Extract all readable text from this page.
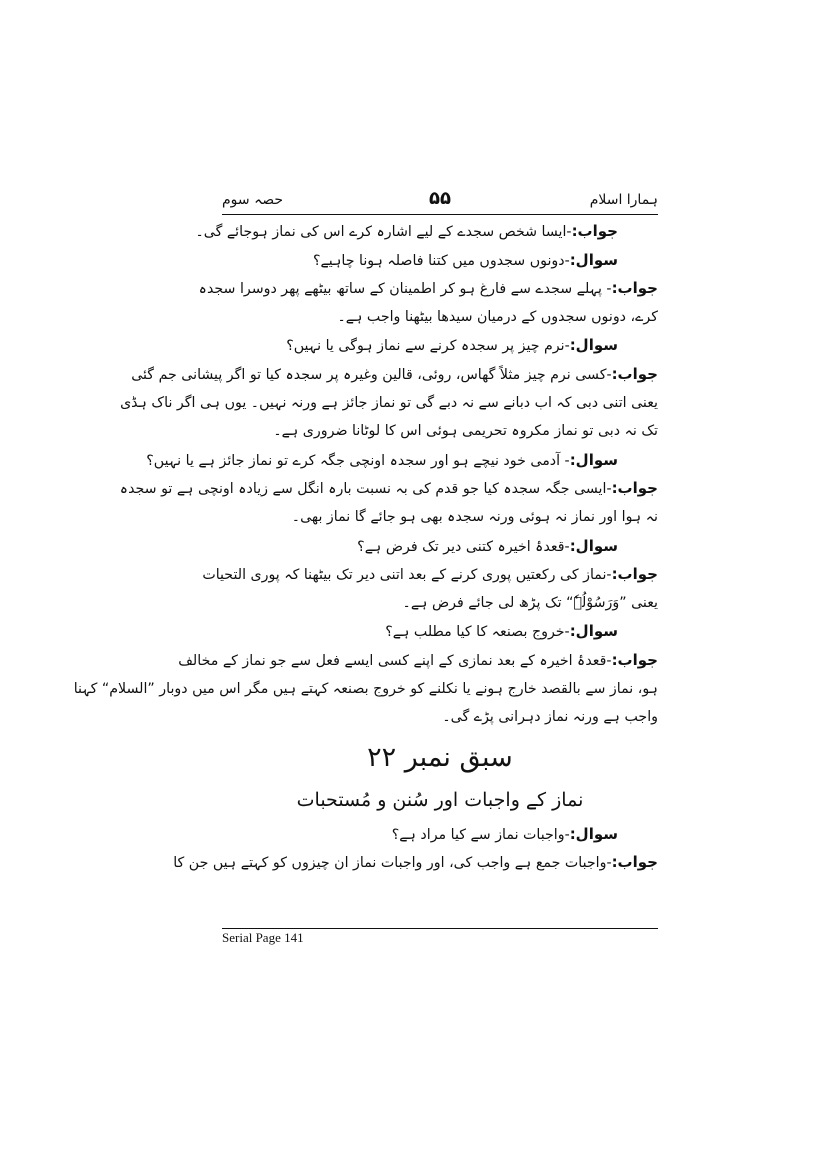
ہمارا اسلام
۵۵
حصہ سوم
جواب:-ایسا شخص سجدے کے لیے اشارہ کرے اس کی نماز ہوجائے گی۔
سوال:-دونوں سجدوں میں کتنا فاصلہ ہونا چاہیے؟
جواب:- پہلے سجدے سے فارغ ہو کر اطمینان کے ساتھ بیٹھے پھر دوسرا سجدہ
کرے، دونوں سجدوں کے درمیان سیدھا بیٹھنا واجب ہے۔
سوال:-نرم چیز پر سجدہ کرنے سے نماز ہوگی یا نہیں؟
جواب:-کسی نرم چیز مثلاً گھاس، روئی، قالین وغیرہ پر سجدہ کیا تو اگر پیشانی جم گئی
یعنی اتنی دبی کہ اب دبانے سے نہ دبے گی تو نماز جائز ہے ورنہ نہیں۔ یوں ہی اگر ناک ہڈی
تک نہ دبی تو نماز مکروہ تحریمی ہوئی اس کا لوٹانا ضروری ہے۔
سوال:- آدمی خود نیچے ہو اور سجدہ اونچی جگہ کرے تو نماز جائز ہے یا نہیں؟
جواب:-ایسی جگہ سجدہ کیا جو قدم کی بہ نسبت بارہ انگل سے زیادہ اونچی ہے تو سجدہ
نہ ہوا اور نماز نہ ہوئی ورنہ سجدہ بھی ہو جائے گا نماز بھی۔
سوال:-قعدۂ اخیرہ کتنی دیر تک فرض ہے؟
جواب:-نماز کی رکعتیں پوری کرنے کے بعد اتنی دیر تک بیٹھنا کہ پوری التحیات
یعنی ”وَرَسُوْلُہٗ“ تک پڑھ لی جائے فرض ہے۔
سوال:-خروج بصنعہ کا کیا مطلب ہے؟
جواب:-قعدۂ اخیرہ کے بعد نمازی کے اپنے کسی ایسے فعل سے جو نماز کے مخالف
ہو، نماز سے بالقصد خارج ہونے یا نکلنے کو خروج بصنعہ کہتے ہیں مگر اس میں دوبار ”السلام“ کہنا
واجب ہے ورنہ نماز دہرانی پڑے گی۔
سبق نمبر ۲۲
نماز کے واجبات اور سُنن و مُستحبات
سوال:-واجبات نماز سے کیا مراد ہے؟
جواب:-واجبات جمع ہے واجب کی، اور واجبات نماز ان چیزوں کو کہتے ہیں جن کا
Serial Page 141
